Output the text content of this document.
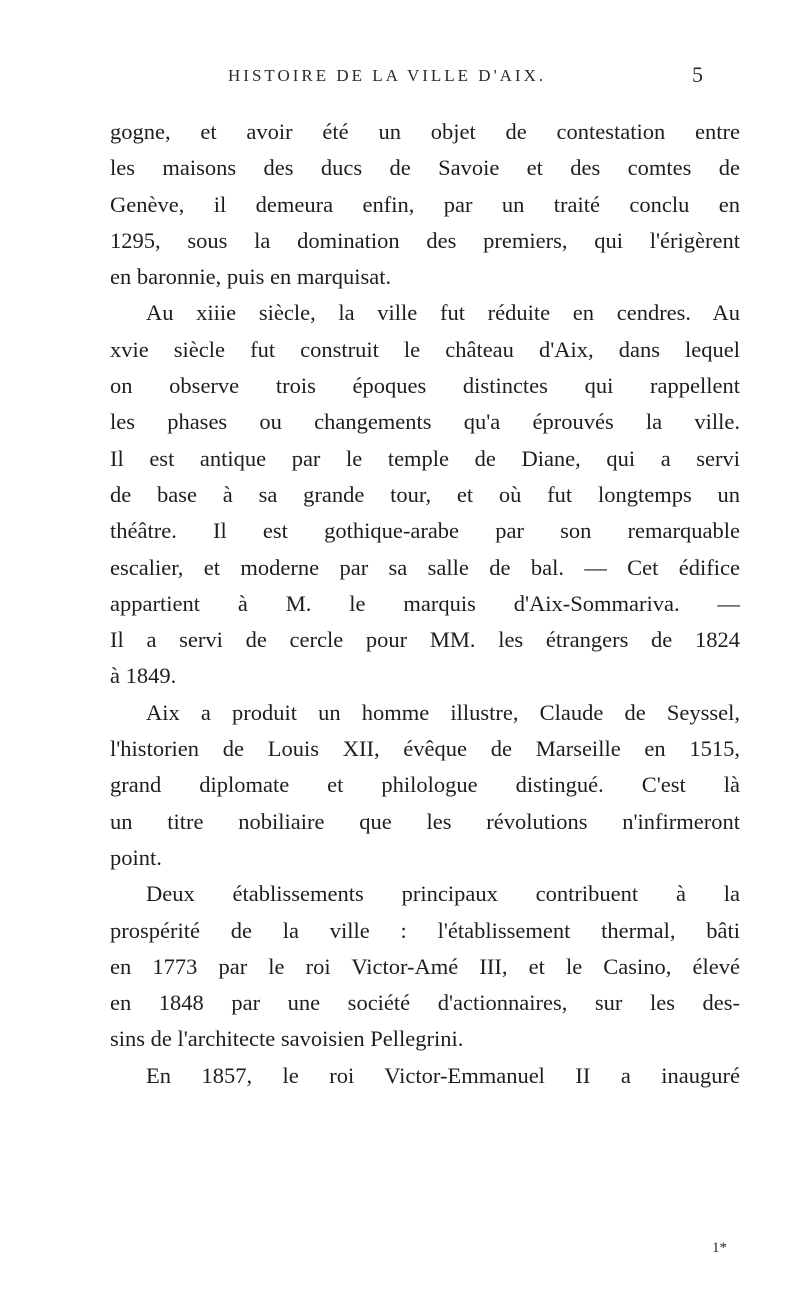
HISTOIRE DE LA VILLE D'AIX.	5
gogne, et avoir été un objet de contestation entre
les maisons des ducs de Savoie et des comtes de
Genève, il demeura enfin, par un traité conclu en
1295, sous la domination des premiers, qui l'érigèrent
en baronnie, puis en marquisat.
Au xiiie siècle, la ville fut réduite en cendres. Au
xvie siècle fut construit le château d'Aix, dans lequel
on observe trois époques distinctes qui rappellent
les phases ou changements qu'a éprouvés la ville.
Il est antique par le temple de Diane, qui a servi
de base à sa grande tour, et où fut longtemps un
théâtre. Il est gothique-arabe par son remarquable
escalier, et moderne par sa salle de bal. — Cet édifice
appartient à M. le marquis d'Aix-Sommariva. —
Il a servi de cercle pour MM. les étrangers de 1824
à 1849.
Aix a produit un homme illustre, Claude de Seyssel,
l'historien de Louis XII, évêque de Marseille en 1515,
grand diplomate et philologue distingué. C'est là
un titre nobiliaire que les révolutions n'infirmeront
point.
Deux établissements principaux contribuent à la
prospérité de la ville : l'établissement thermal, bâti
en 1773 par le roi Victor-Amé III, et le Casino, élevé
en 1848 par une société d'actionnaires, sur les des-
sins de l'architecte savoisien Pellegrini.
En 1857, le roi Victor-Emmanuel II a inauguré
1*
